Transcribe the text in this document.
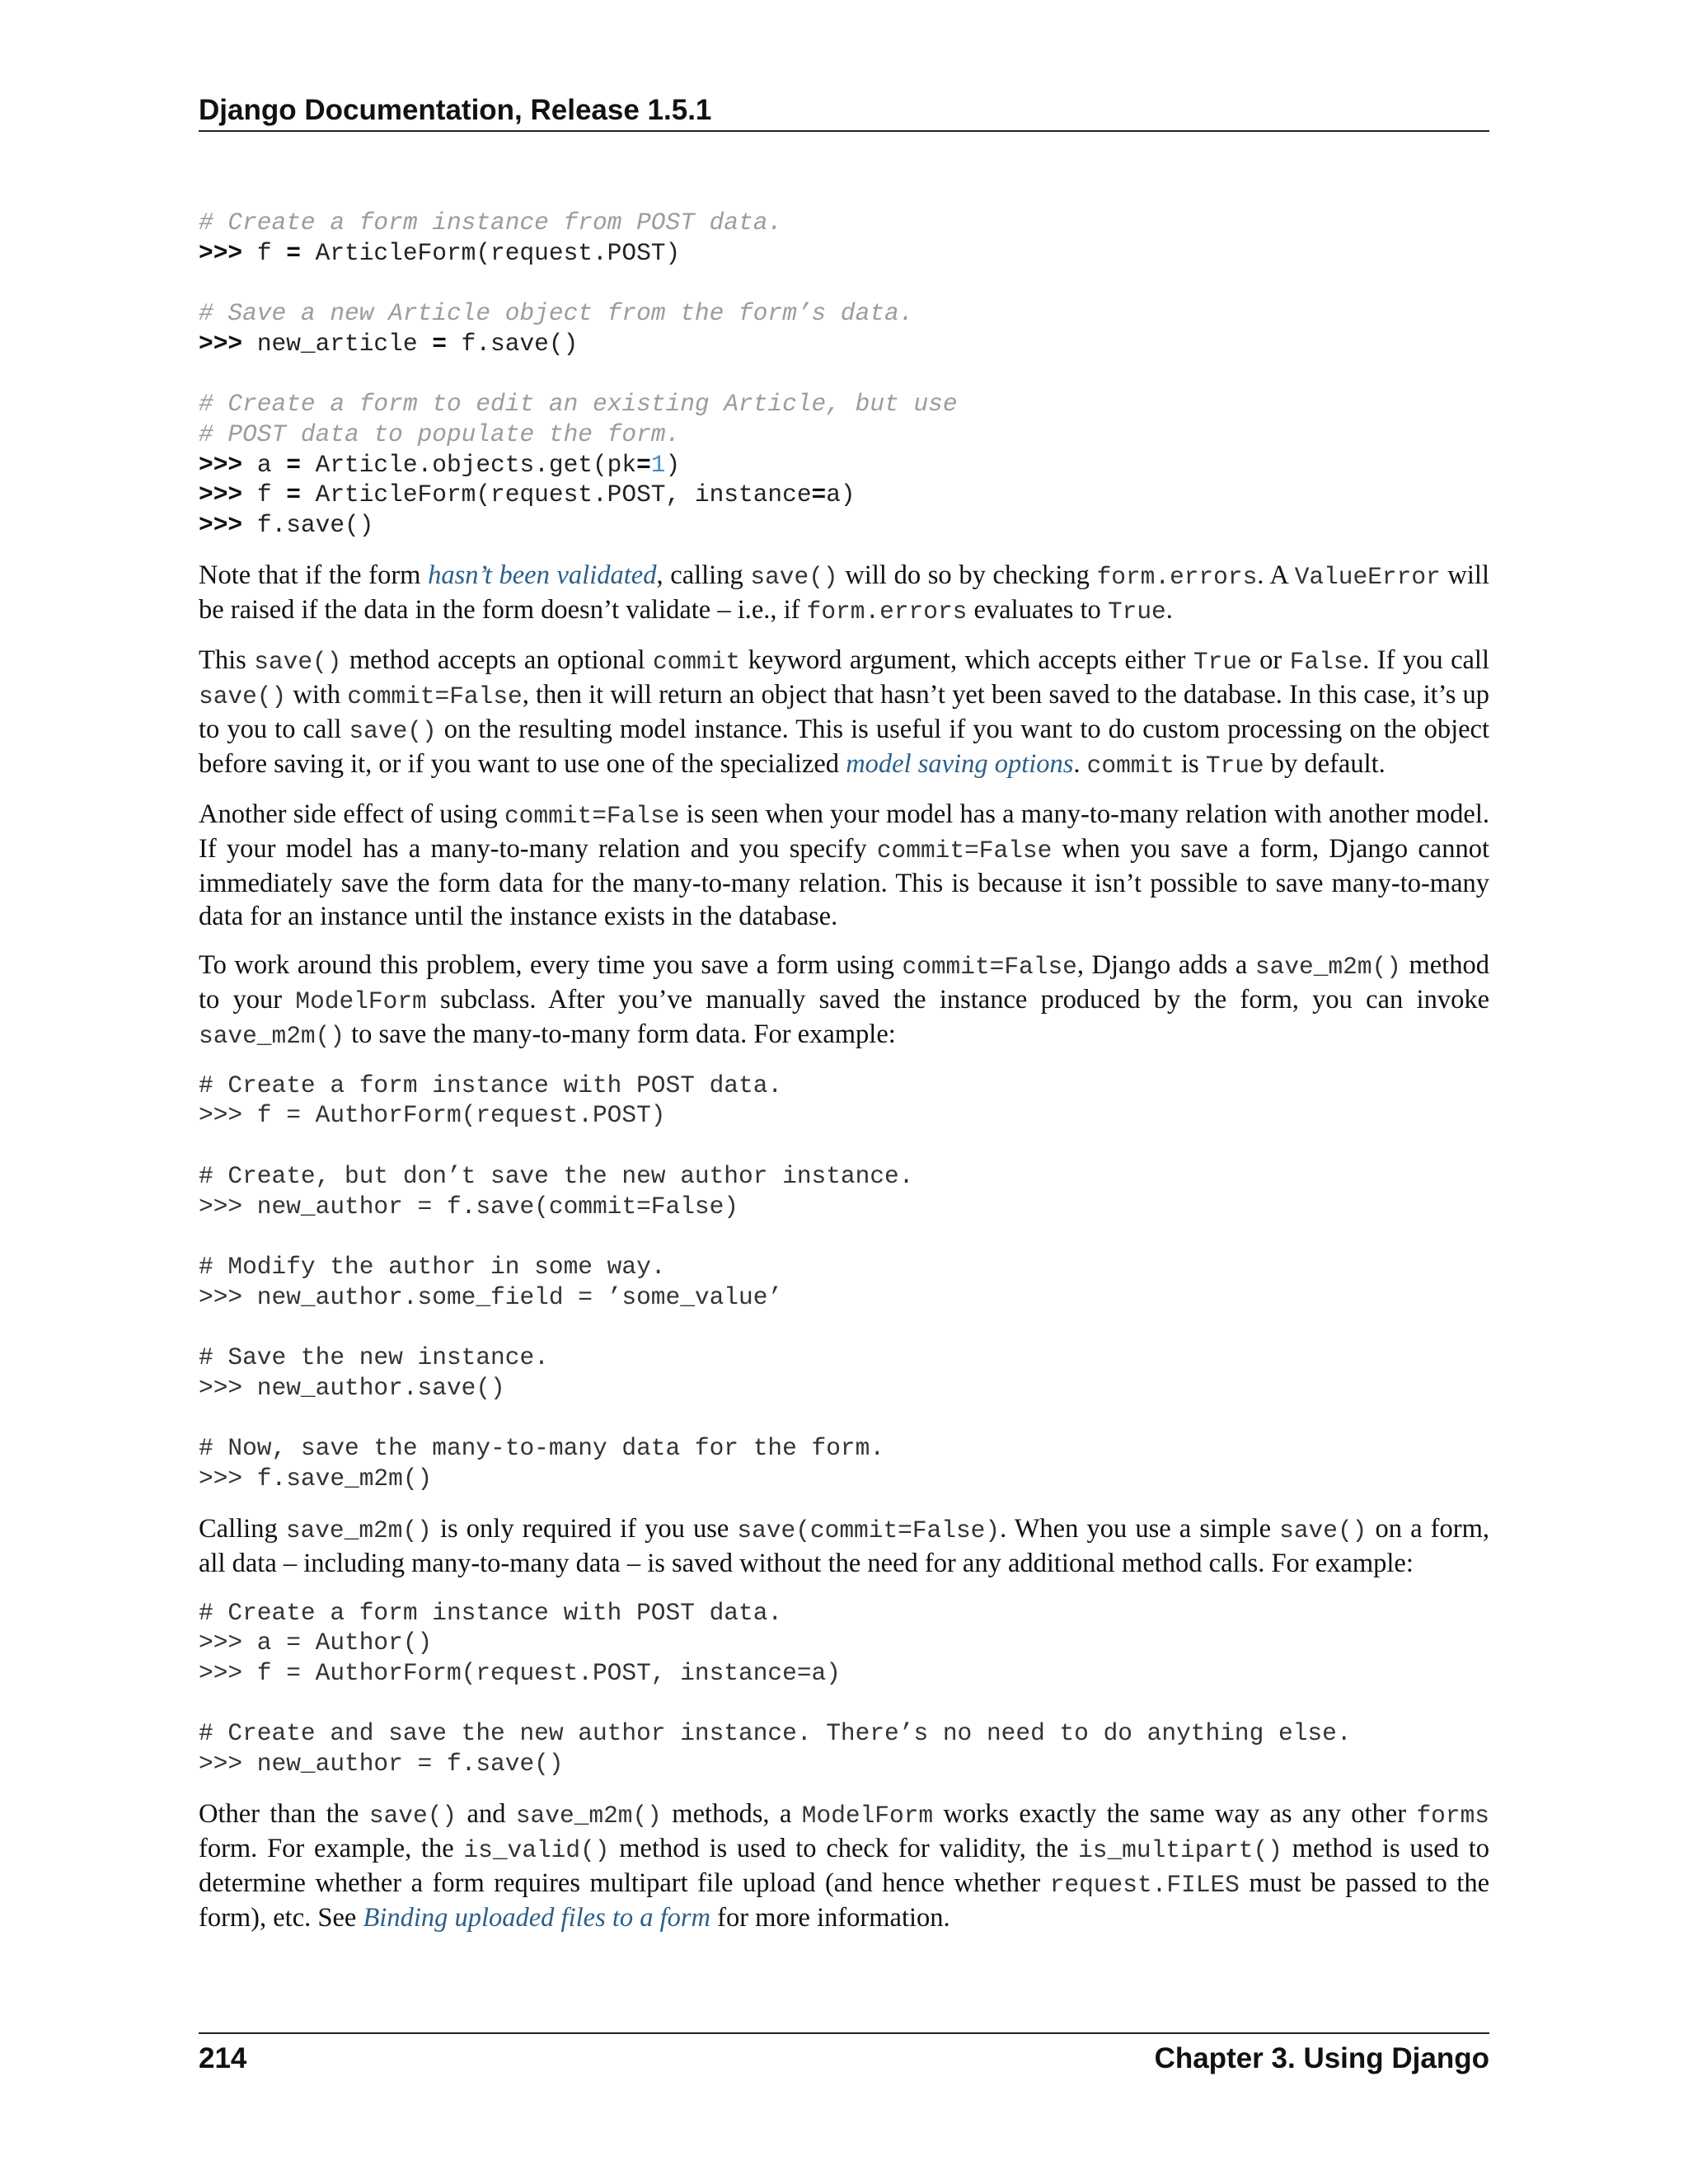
Django Documentation, Release 1.5.1
# Create a form instance from POST data.
>>> f = ArticleForm(request.POST)

# Save a new Article object from the form’s data.
>>> new_article = f.save()

# Create a form to edit an existing Article, but use
# POST data to populate the form.
>>> a = Article.objects.get(pk=1)
>>> f = ArticleForm(request.POST, instance=a)
>>> f.save()

Note that if the form hasn’t been validated, calling save() will do so by checking form.errors. A ValueError will be raised if the data in the form doesn’t validate – i.e., if form.errors evaluates to True.

This save() method accepts an optional commit keyword argument, which accepts either True or False. If you call save() with commit=False, then it will return an object that hasn’t yet been saved to the database. In this case, it’s up to you to call save() on the resulting model instance. This is useful if you want to do custom processing on the object before saving it, or if you want to use one of the specialized model saving options. commit is True by default.

Another side effect of using commit=False is seen when your model has a many-to-many relation with another model. If your model has a many-to-many relation and you specify commit=False when you save a form, Django cannot immediately save the form data for the many-to-many relation. This is because it isn’t possible to save many-to-many data for an instance until the instance exists in the database.

To work around this problem, every time you save a form using commit=False, Django adds a save_m2m() method to your ModelForm subclass. After you’ve manually saved the instance produced by the form, you can invoke save_m2m() to save the many-to-many form data. For example:

# Create a form instance with POST data.
>>> f = AuthorForm(request.POST)

# Create, but don’t save the new author instance.
>>> new_author = f.save(commit=False)

# Modify the author in some way.
>>> new_author.some_field = ’some_value’

# Save the new instance.
>>> new_author.save()

# Now, save the many-to-many data for the form.
>>> f.save_m2m()

Calling save_m2m() is only required if you use save(commit=False). When you use a simple save() on a form, all data – including many-to-many data – is saved without the need for any additional method calls. For example:

# Create a form instance with POST data.
>>> a = Author()
>>> f = AuthorForm(request.POST, instance=a)

# Create and save the new author instance. There’s no need to do anything else.
>>> new_author = f.save()

Other than the save() and save_m2m() methods, a ModelForm works exactly the same way as any other forms form. For example, the is_valid() method is used to check for validity, the is_multipart() method is used to determine whether a form requires multipart file upload (and hence whether request.FILES must be passed to the form), etc. See Binding uploaded files to a form for more information.

214	Chapter 3. Using Django
